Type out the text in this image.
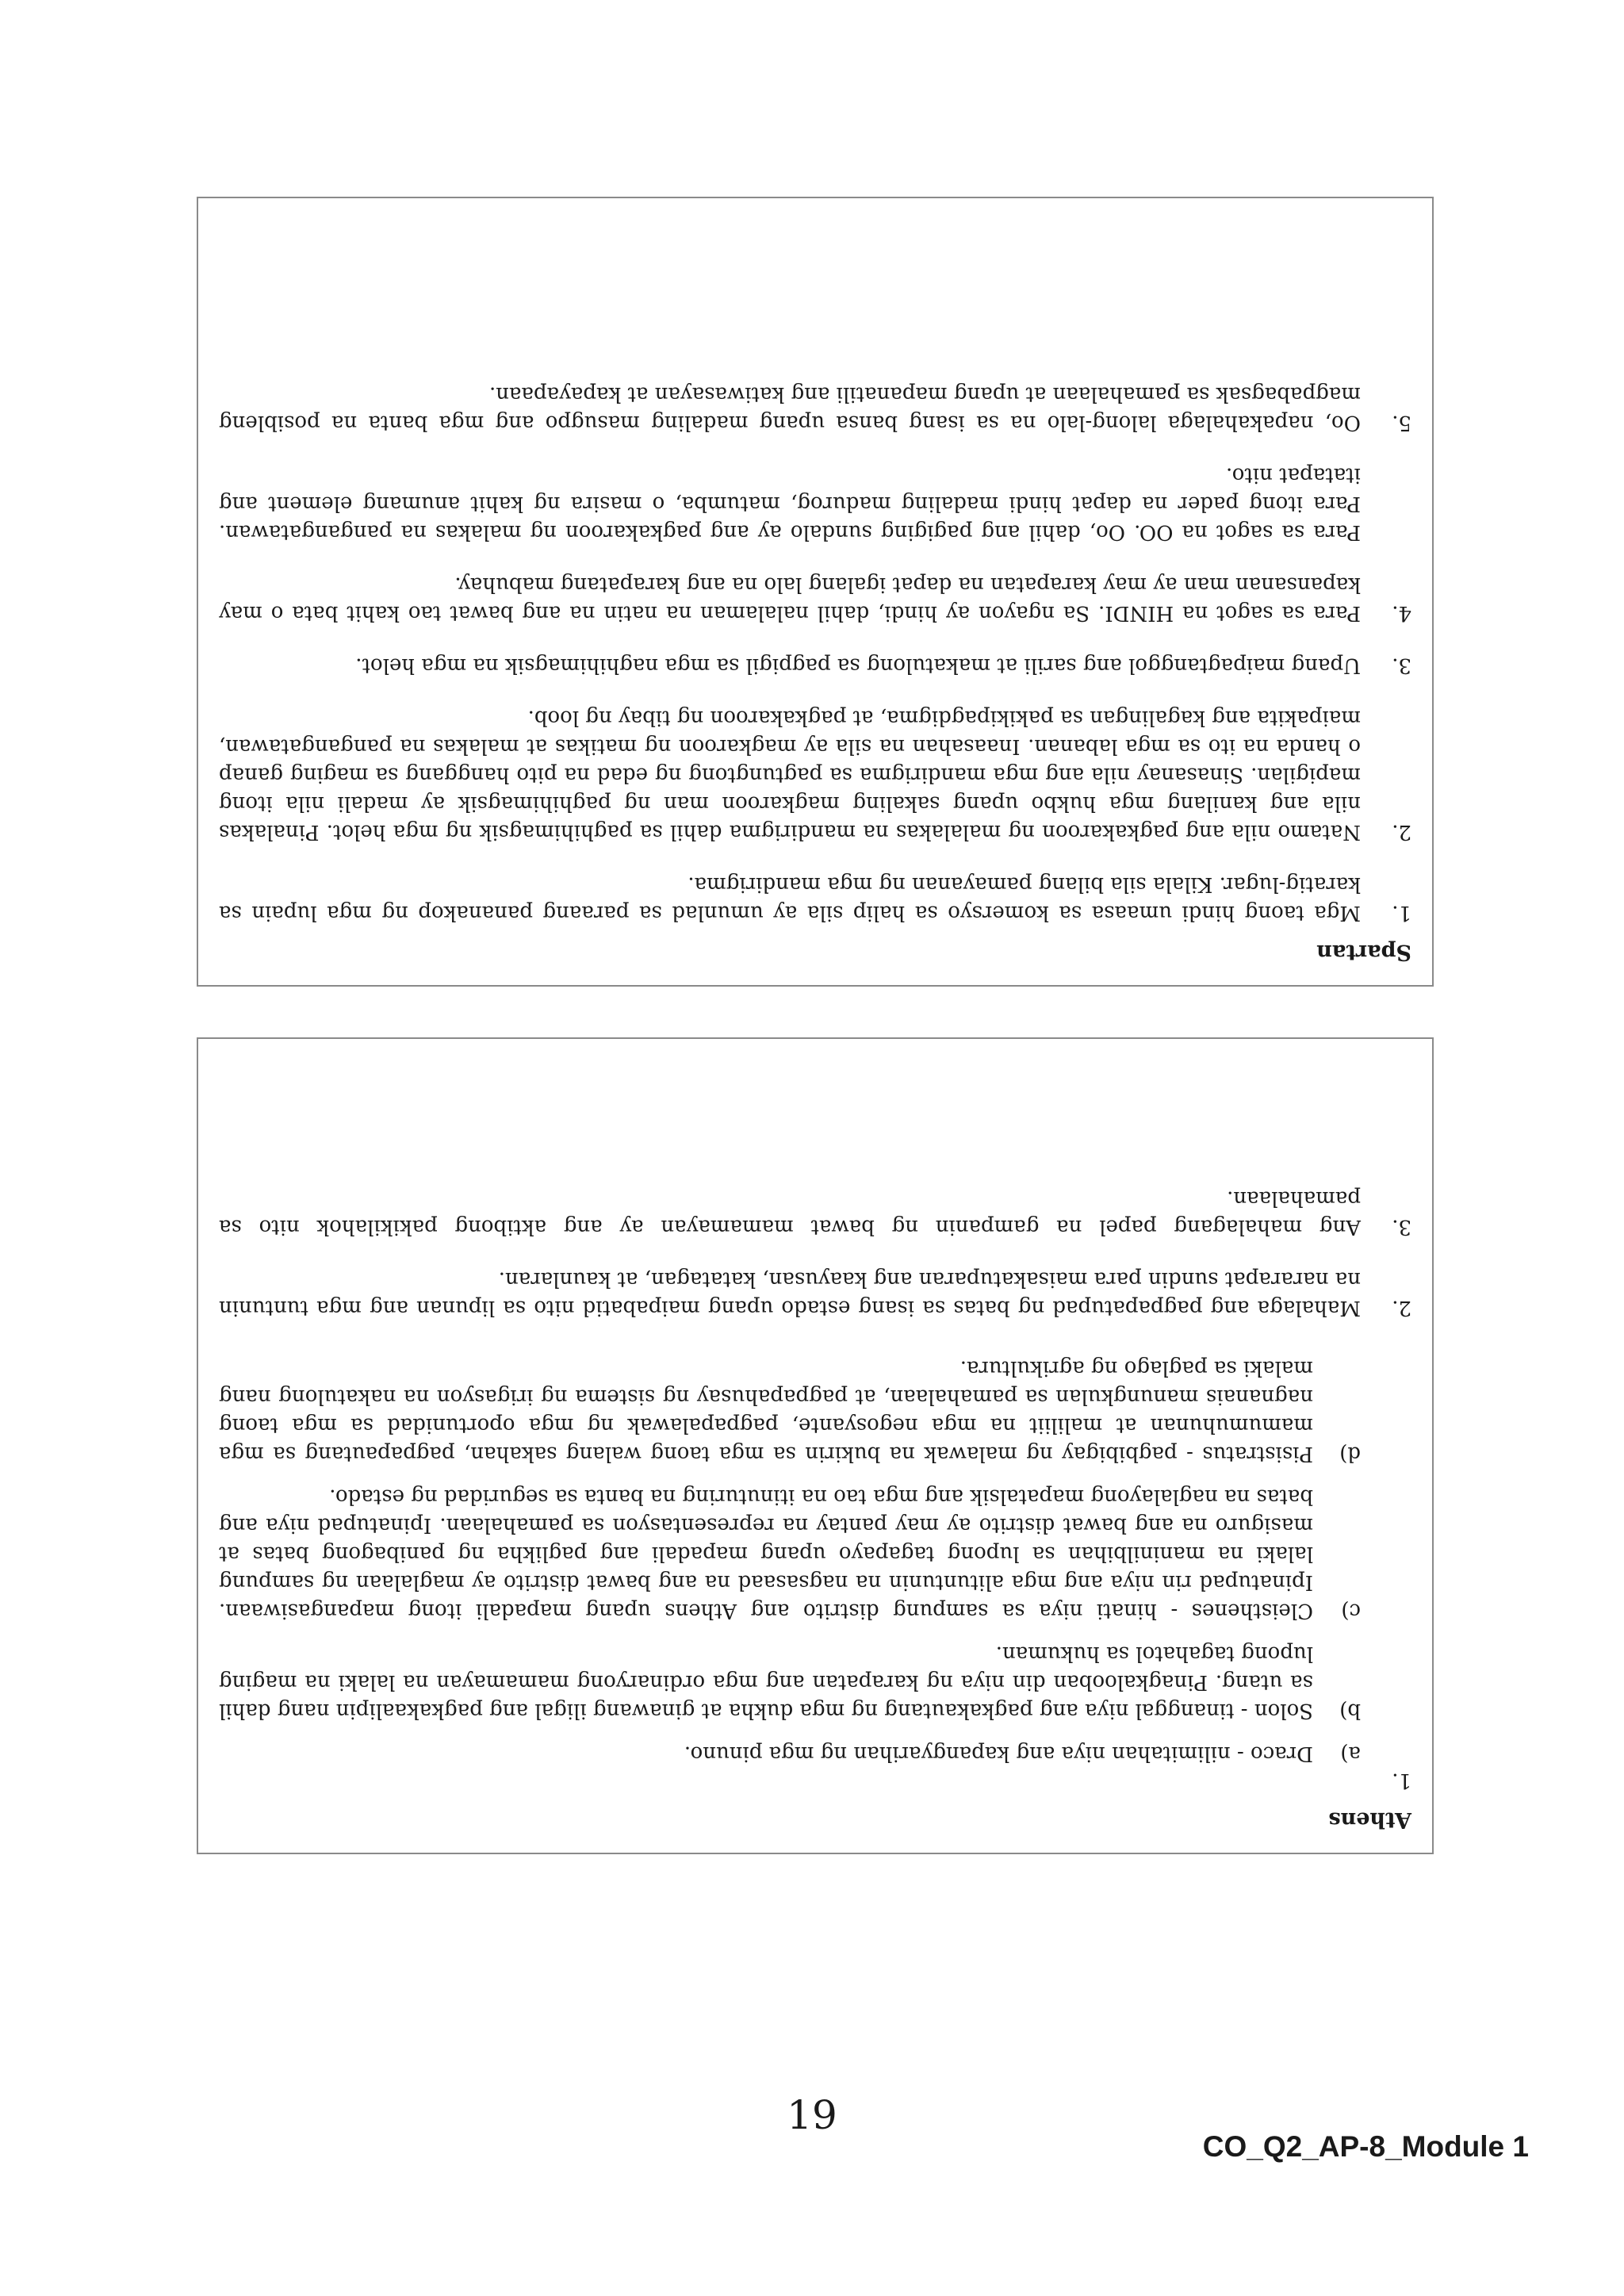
Spartan
1.
Mga taong hindi umaasa sa komersyo sa halip sila ay umunlad sa paraang pananakop ng mga lupain sa karatig-lugar. Kilala sila bilang pamayanan ng mga mandirigma.
2.
Natamo nila ang pagkakaroon ng malalakas na mandirigma dahil sa paghihimagsik ng mga helot. Pinalakas nila ang kanilang mga hukbo upang sakaling magkaroon man ng paghihimagsik ay madali nila itong mapigilan. Sinasanay nila ang mga mandirigma sa pagtungtong ng edad na pito hanggang sa maging ganap o handa na ito sa mga labanan. Inaasahan na sila ay magkaroon ng matikas at malakas na pangangatawan, maipakita ang kagalingan sa pakikipagdigma, at pagkakaroon ng tibay ng loob.
3.
Upang maipagtanggol ang sarili at makatulong sa pagpigil sa mga naghihimagsik na mga helot.
4.
Para sa sagot na HINDI. Sa ngayon ay hindi, dahil nalalaman na natin na ang bawat tao kahit bata o may kapansanan man ay may karapatan na dapat igalang lalo na ang karapatang mabuhay.
Para sa sagot na OO. Oo, dahil ang pagiging sundalo ay ang pagkakaroon ng malakas na pangangatawan. Para itong pader na dapat hindi madaling madurog, matumba, o masira ng kahit anumang element ang itatapat nito.
5.
Oo, napakahalaga lalong-lalo na sa isang bansa upang madaling masugpo ang mga banta na posibleng magpabagsak sa pamahalaan at upang mapanatili ang katiwasayan at kapayapaan.
Athens
1.
a)
Draco - nilimitahan niya ang kapangyarihan ng mga pinuno.
b)
Solon - tinanggal niya ang pagkakautang ng mga dukha at ginawang iligal ang pagkakaalipin nang dahil sa utang. Pinagkalooban din niya ng karapatan ang mga ordinaryong mamamayan na lalaki na maging lupong tagahatol sa hukuman.
c)
Cleisthenes - hinati niya sa sampung distrito ang Athens upang mapadali itong mapangasiwaan. Ipinatupad rin niya ang mga alituntunin na nagsasaad na ang bawat distrito ay maglalaan ng sampung lalaki na maninilbihan sa lupong tagapayo upang mapadali ang paglikha ng panibagong batas at masiguro na ang bawat distrito ay may pantay na representasyon sa pamahalaan. Ipinatupad niya ang batas na naglalayong mapatalsik ang mga tao na itinuturing na banta sa seguridad ng estado.
d)
Pisistratus - pagbibigay ng malawak na bukirin sa mga taong walang sakahan, pagpapautang sa mga mamumuhunan at maliliit na mga negosyante, pagpapalawak ng mga oportunidad sa mga taong nagnanais manungkulan sa pamahalaan, at pagpapahusay ng sistema ng irigasyon na nakatulong nang malaki sa paglago ng agrikultura.
2.
Mahalaga ang pagpapatupad ng batas sa isang estado upang maipabatid nito sa lipunan ang mga tuntunin na nararapat sundin para maisakatuparan ang kaayusan, katatagan, at kaunlaran.
3.
Ang mahalagang papel na gampanin ng bawat mamamayan ay ang aktibong pakikilahok nito sa pamahalaan.
19
CO_Q2_AP-8_Module 1
